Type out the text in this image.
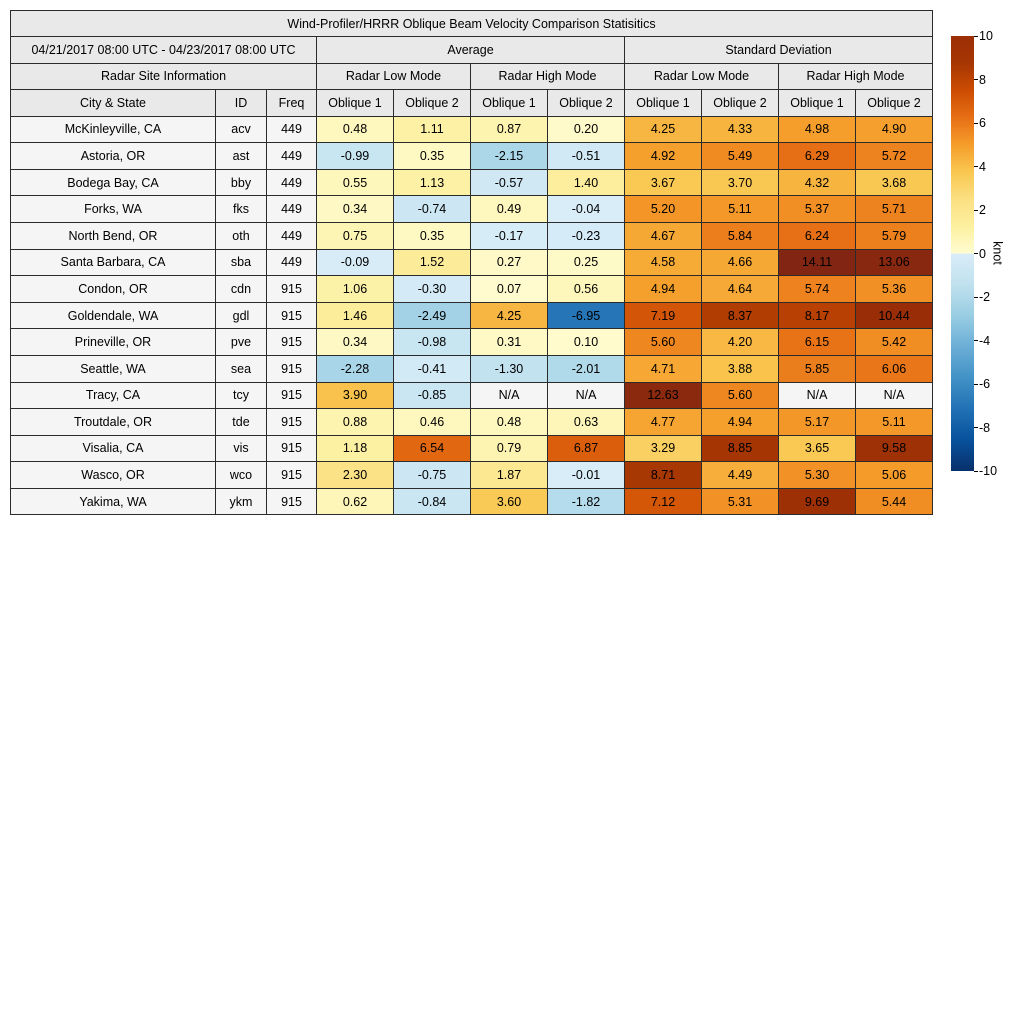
Wind-Profiler/HRRR Oblique Beam Velocity Comparison Statisitics										
04/21/2017 08:00 UTC - 04/23/2017 08:00 UTC			Average				Standard Deviation			
Radar Site Information			Radar Low Mode		Radar High Mode		Radar Low Mode		Radar High Mode	
City & State	ID	Freq	Oblique 1	Oblique 2	Oblique 1	Oblique 2	Oblique 1	Oblique 2	Oblique 1	Oblique 2
McKinleyville, CA	acv	449	0.48	1.11	0.87	0.20	4.25	4.33	4.98	4.90
Astoria, OR	ast	449	-0.99	0.35	-2.15	-0.51	4.92	5.49	6.29	5.72
Bodega Bay, CA	bby	449	0.55	1.13	-0.57	1.40	3.67	3.70	4.32	3.68
Forks, WA	fks	449	0.34	-0.74	0.49	-0.04	5.20	5.11	5.37	5.71
North Bend, OR	oth	449	0.75	0.35	-0.17	-0.23	4.67	5.84	6.24	5.79
Santa Barbara, CA	sba	449	-0.09	1.52	0.27	0.25	4.58	4.66	14.11	13.06
Condon, OR	cdn	915	1.06	-0.30	0.07	0.56	4.94	4.64	5.74	5.36
Goldendale, WA	gdl	915	1.46	-2.49	4.25	-6.95	7.19	8.37	8.17	10.44
Prineville, OR	pve	915	0.34	-0.98	0.31	0.10	5.60	4.20	6.15	5.42
Seattle, WA	sea	915	-2.28	-0.41	-1.30	-2.01	4.71	3.88	5.85	6.06
Tracy, CA	tcy	915	3.90	-0.85	N/A	N/A	12.63	5.60	N/A	N/A
Troutdale, OR	tde	915	0.88	0.46	0.48	0.63	4.77	4.94	5.17	5.11
Visalia, CA	vis	915	1.18	6.54	0.79	6.87	3.29	8.85	3.65	9.58
Wasco, OR	wco	915	2.30	-0.75	1.87	-0.01	8.71	4.49	5.30	5.06
Yakima, WA	ykm	915	0.62	-0.84	3.60	-1.82	7.12	5.31	9.69	5.44
knot
10
8
6
4
2
0
-2
-4
-6
-8
-10
